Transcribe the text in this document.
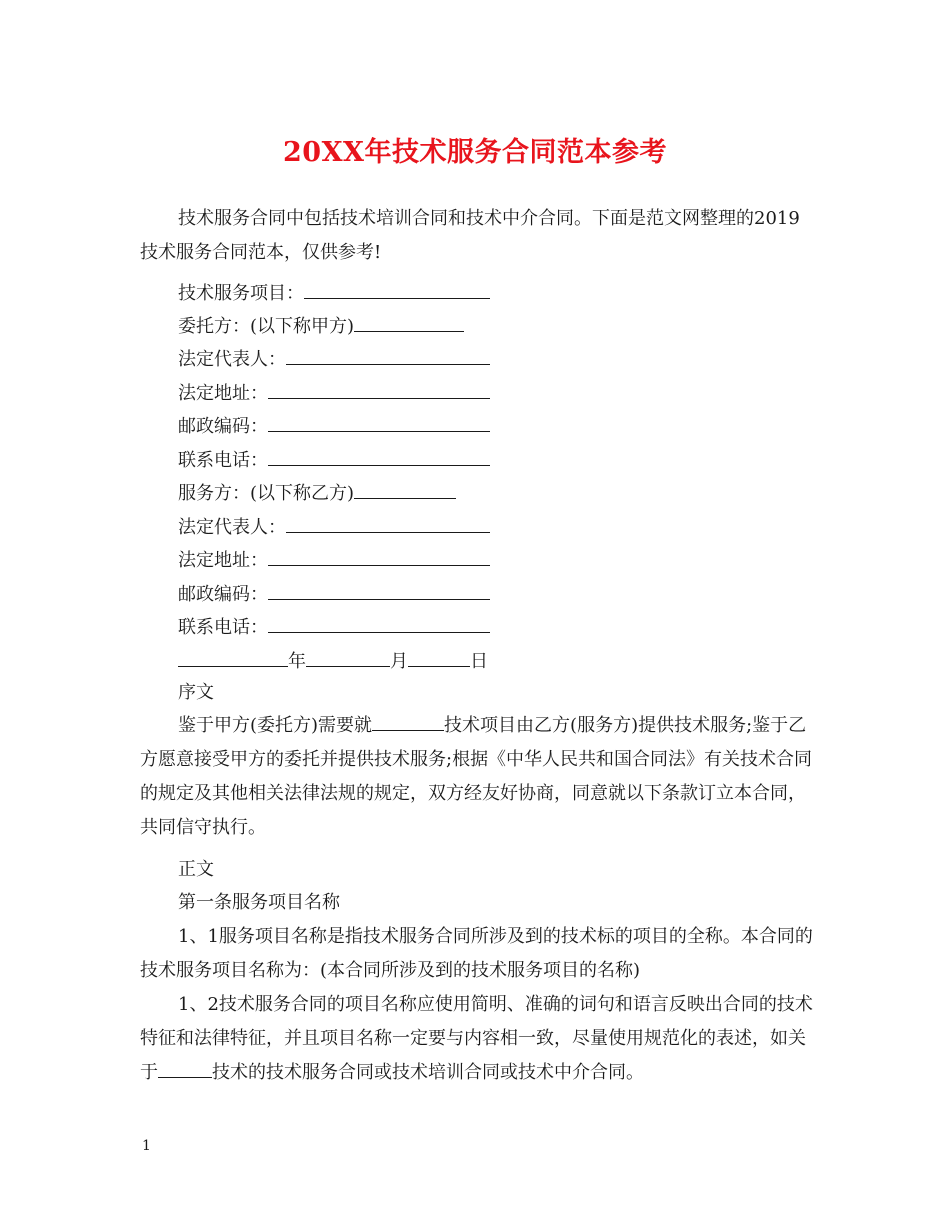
20XX年技术服务合同范本参考
技术服务合同中包括技术培训合同和技术中介合同。下面是范文网整理的2019技术服务合同范本，仅供参考!
技术服务项目：
委托方：(以下称甲方)
法定代表人：
法定地址：
邮政编码：
联系电话：
服务方：(以下称乙方)
法定代表人：
法定地址：
邮政编码：
联系电话：
年	月	日
序文
鉴于甲方(委托方)需要就	技术项目由乙方(服务方)提供技术服务;鉴于乙方愿意接受甲方的委托并提供技术服务;根据《中华人民共和国合同法》有关技术合同的规定及其他相关法律法规的规定，双方经友好协商，同意就以下条款订立本合同，共同信守执行。
正文
第一条服务项目名称
1、1服务项目名称是指技术服务合同所涉及到的技术标的项目的全称。本合同的技术服务项目名称为：(本合同所涉及到的技术服务项目的名称)
1、2技术服务合同的项目名称应使用简明、准确的词句和语言反映出合同的技术特征和法律特征，并且项目名称一定要与内容相一致，尽量使用规范化的表述，如关于	技术的技术服务合同或技术培训合同或技术中介合同。
1
